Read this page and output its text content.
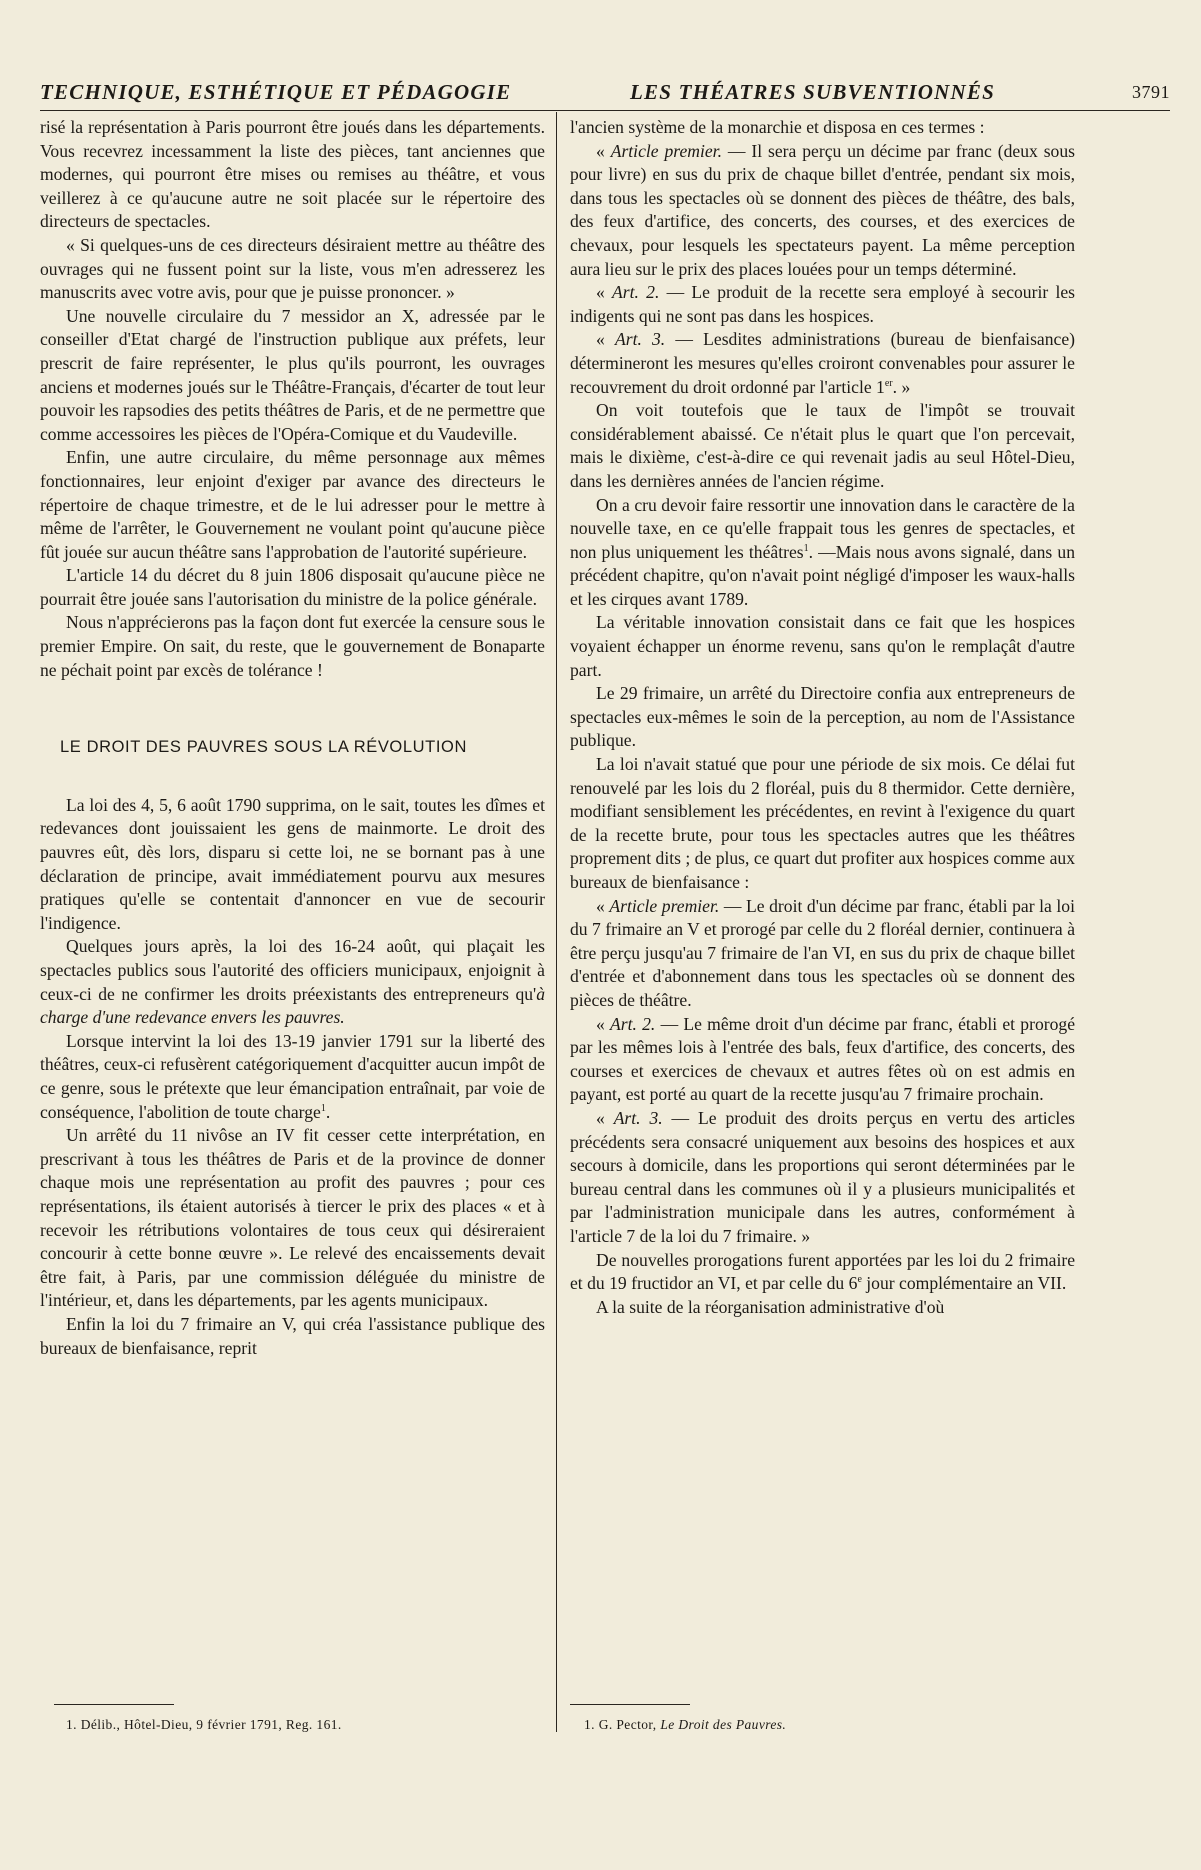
TECHNIQUE, ESTHÉTIQUE ET PÉDAGOGIE	LES THÉATRES SUBVENTIONNÉS	3791

risé la représentation à Paris pourront être joués dans les départements. Vous recevrez incessamment la liste des pièces, tant anciennes que modernes, qui pourront être mises ou remises au théâtre, et vous veillerez à ce qu'aucune autre ne soit placée sur le répertoire des directeurs de spectacles.

« Si quelques-uns de ces directeurs désiraient mettre au théâtre des ouvrages qui ne fussent point sur la liste, vous m'en adresserez les manuscrits avec votre avis, pour que je puisse prononcer. »

Une nouvelle circulaire du 7 messidor an X, adressée par le conseiller d'Etat chargé de l'instruction publique aux préfets, leur prescrit de faire représenter, le plus qu'ils pourront, les ouvrages anciens et modernes joués sur le Théâtre-Français, d'écarter de tout leur pouvoir les rapsodies des petits théâtres de Paris, et de ne permettre que comme accessoires les pièces de l'Opéra-Comique et du Vaudeville.

Enfin, une autre circulaire, du même personnage aux mêmes fonctionnaires, leur enjoint d'exiger par avance des directeurs le répertoire de chaque trimestre, et de le lui adresser pour le mettre à même de l'arrêter, le Gouvernement ne voulant point qu'aucune pièce fût jouée sur aucun théâtre sans l'approbation de l'autorité supérieure.

L'article 14 du décret du 8 juin 1806 disposait qu'aucune pièce ne pourrait être jouée sans l'autorisation du ministre de la police générale.

Nous n'apprécierons pas la façon dont fut exercée la censure sous le premier Empire. On sait, du reste, que le gouvernement de Bonaparte ne péchait point par excès de tolérance !

LE DROIT DES PAUVRES SOUS LA RÉVOLUTION

La loi des 4, 5, 6 août 1790 supprima, on le sait, toutes les dîmes et redevances dont jouissaient les gens de mainmorte. Le droit des pauvres eût, dès lors, disparu si cette loi, ne se bornant pas à une déclaration de principe, avait immédiatement pourvu aux mesures pratiques qu'elle se contentait d'annoncer en vue de secourir l'indigence.

Quelques jours après, la loi des 16-24 août, qui plaçait les spectacles publics sous l'autorité des officiers municipaux, enjoignit à ceux-ci de ne confirmer les droits préexistants des entrepreneurs qu'à charge d'une redevance envers les pauvres.

Lorsque intervint la loi des 13-19 janvier 1791 sur la liberté des théâtres, ceux-ci refusèrent catégoriquement d'acquitter aucun impôt de ce genre, sous le prétexte que leur émancipation entraînait, par voie de conséquence, l'abolition de toute charge$^1$.

Un arrêté du 11 nivôse an IV fit cesser cette interprétation, en prescrivant à tous les théâtres de Paris et de la province de donner chaque mois une représentation au profit des pauvres ; pour ces représentations, ils étaient autorisés à tiercer le prix des places « et à recevoir les rétributions volontaires de tous ceux qui désireraient concourir à cette bonne œuvre ». Le relevé des encaissements devait être fait, à Paris, par une commission déléguée du ministre de l'intérieur, et, dans les départements, par les agents municipaux.

Enfin la loi du 7 frimaire an V, qui créa l'assistance publique des bureaux de bienfaisance, reprit

l'ancien système de la monarchie et disposa en ces termes :

« Article premier. — Il sera perçu un décime par franc (deux sous pour livre) en sus du prix de chaque billet d'entrée, pendant six mois, dans tous les spectacles où se donnent des pièces de théâtre, des bals, des feux d'artifice, des concerts, des courses, et des exercices de chevaux, pour lesquels les spectateurs payent. La même perception aura lieu sur le prix des places louées pour un temps déterminé.

« Art. 2. — Le produit de la recette sera employé à secourir les indigents qui ne sont pas dans les hospices.

« Art. 3. — Lesdites administrations (bureau de bienfaisance) détermineront les mesures qu'elles croiront convenables pour assurer le recouvrement du droit ordonné par l'article 1er. »

On voit toutefois que le taux de l'impôt se trouvait considérablement abaissé. Ce n'était plus le quart que l'on percevait, mais le dixième, c'est-à-dire ce qui revenait jadis au seul Hôtel-Dieu, dans les dernières années de l'ancien régime.

On a cru devoir faire ressortir une innovation dans le caractère de la nouvelle taxe, en ce qu'elle frappait tous les genres de spectacles, et non plus uniquement les théâtres$^1$. —Mais nous avons signalé, dans un précédent chapitre, qu'on n'avait point négligé d'imposer les waux-halls et les cirques avant 1789.

La véritable innovation consistait dans ce fait que les hospices voyaient échapper un énorme revenu, sans qu'on le remplaçât d'autre part.

Le 29 frimaire, un arrêté du Directoire confia aux entrepreneurs de spectacles eux-mêmes le soin de la perception, au nom de l'Assistance publique.

La loi n'avait statué que pour une période de six mois. Ce délai fut renouvelé par les lois du 2 floréal, puis du 8 thermidor. Cette dernière, modifiant sensiblement les précédentes, en revint à l'exigence du quart de la recette brute, pour tous les spectacles autres que les théâtres proprement dits ; de plus, ce quart dut profiter aux hospices comme aux bureaux de bienfaisance :

« Article premier. — Le droit d'un décime par franc, établi par la loi du 7 frimaire an V et prorogé par celle du 2 floréal dernier, continuera à être perçu jusqu'au 7 frimaire de l'an VI, en sus du prix de chaque billet d'entrée et d'abonnement dans tous les spectacles où se donnent des pièces de théâtre.

« Art. 2. — Le même droit d'un décime par franc, établi et prorogé par les mêmes lois à l'entrée des bals, feux d'artifice, des concerts, des courses et exercices de chevaux et autres fêtes où on est admis en payant, est porté au quart de la recette jusqu'au 7 frimaire prochain.

« Art. 3. — Le produit des droits perçus en vertu des articles précédents sera consacré uniquement aux besoins des hospices et aux secours à domicile, dans les proportions qui seront déterminées par le bureau central dans les communes où il y a plusieurs municipalités et par l'administration municipale dans les autres, conformément à l'article 7 de la loi du 7 frimaire. »

De nouvelles prorogations furent apportées par les loi du 2 frimaire et du 19 fructidor an VI, et par celle du 6e jour complémentaire an VII.

A la suite de la réorganisation administrative d'où

1. Délib., Hôtel-Dieu, 9 février 1791, Reg. 161.	1. G. Pector, Le Droit des Pauvres.
